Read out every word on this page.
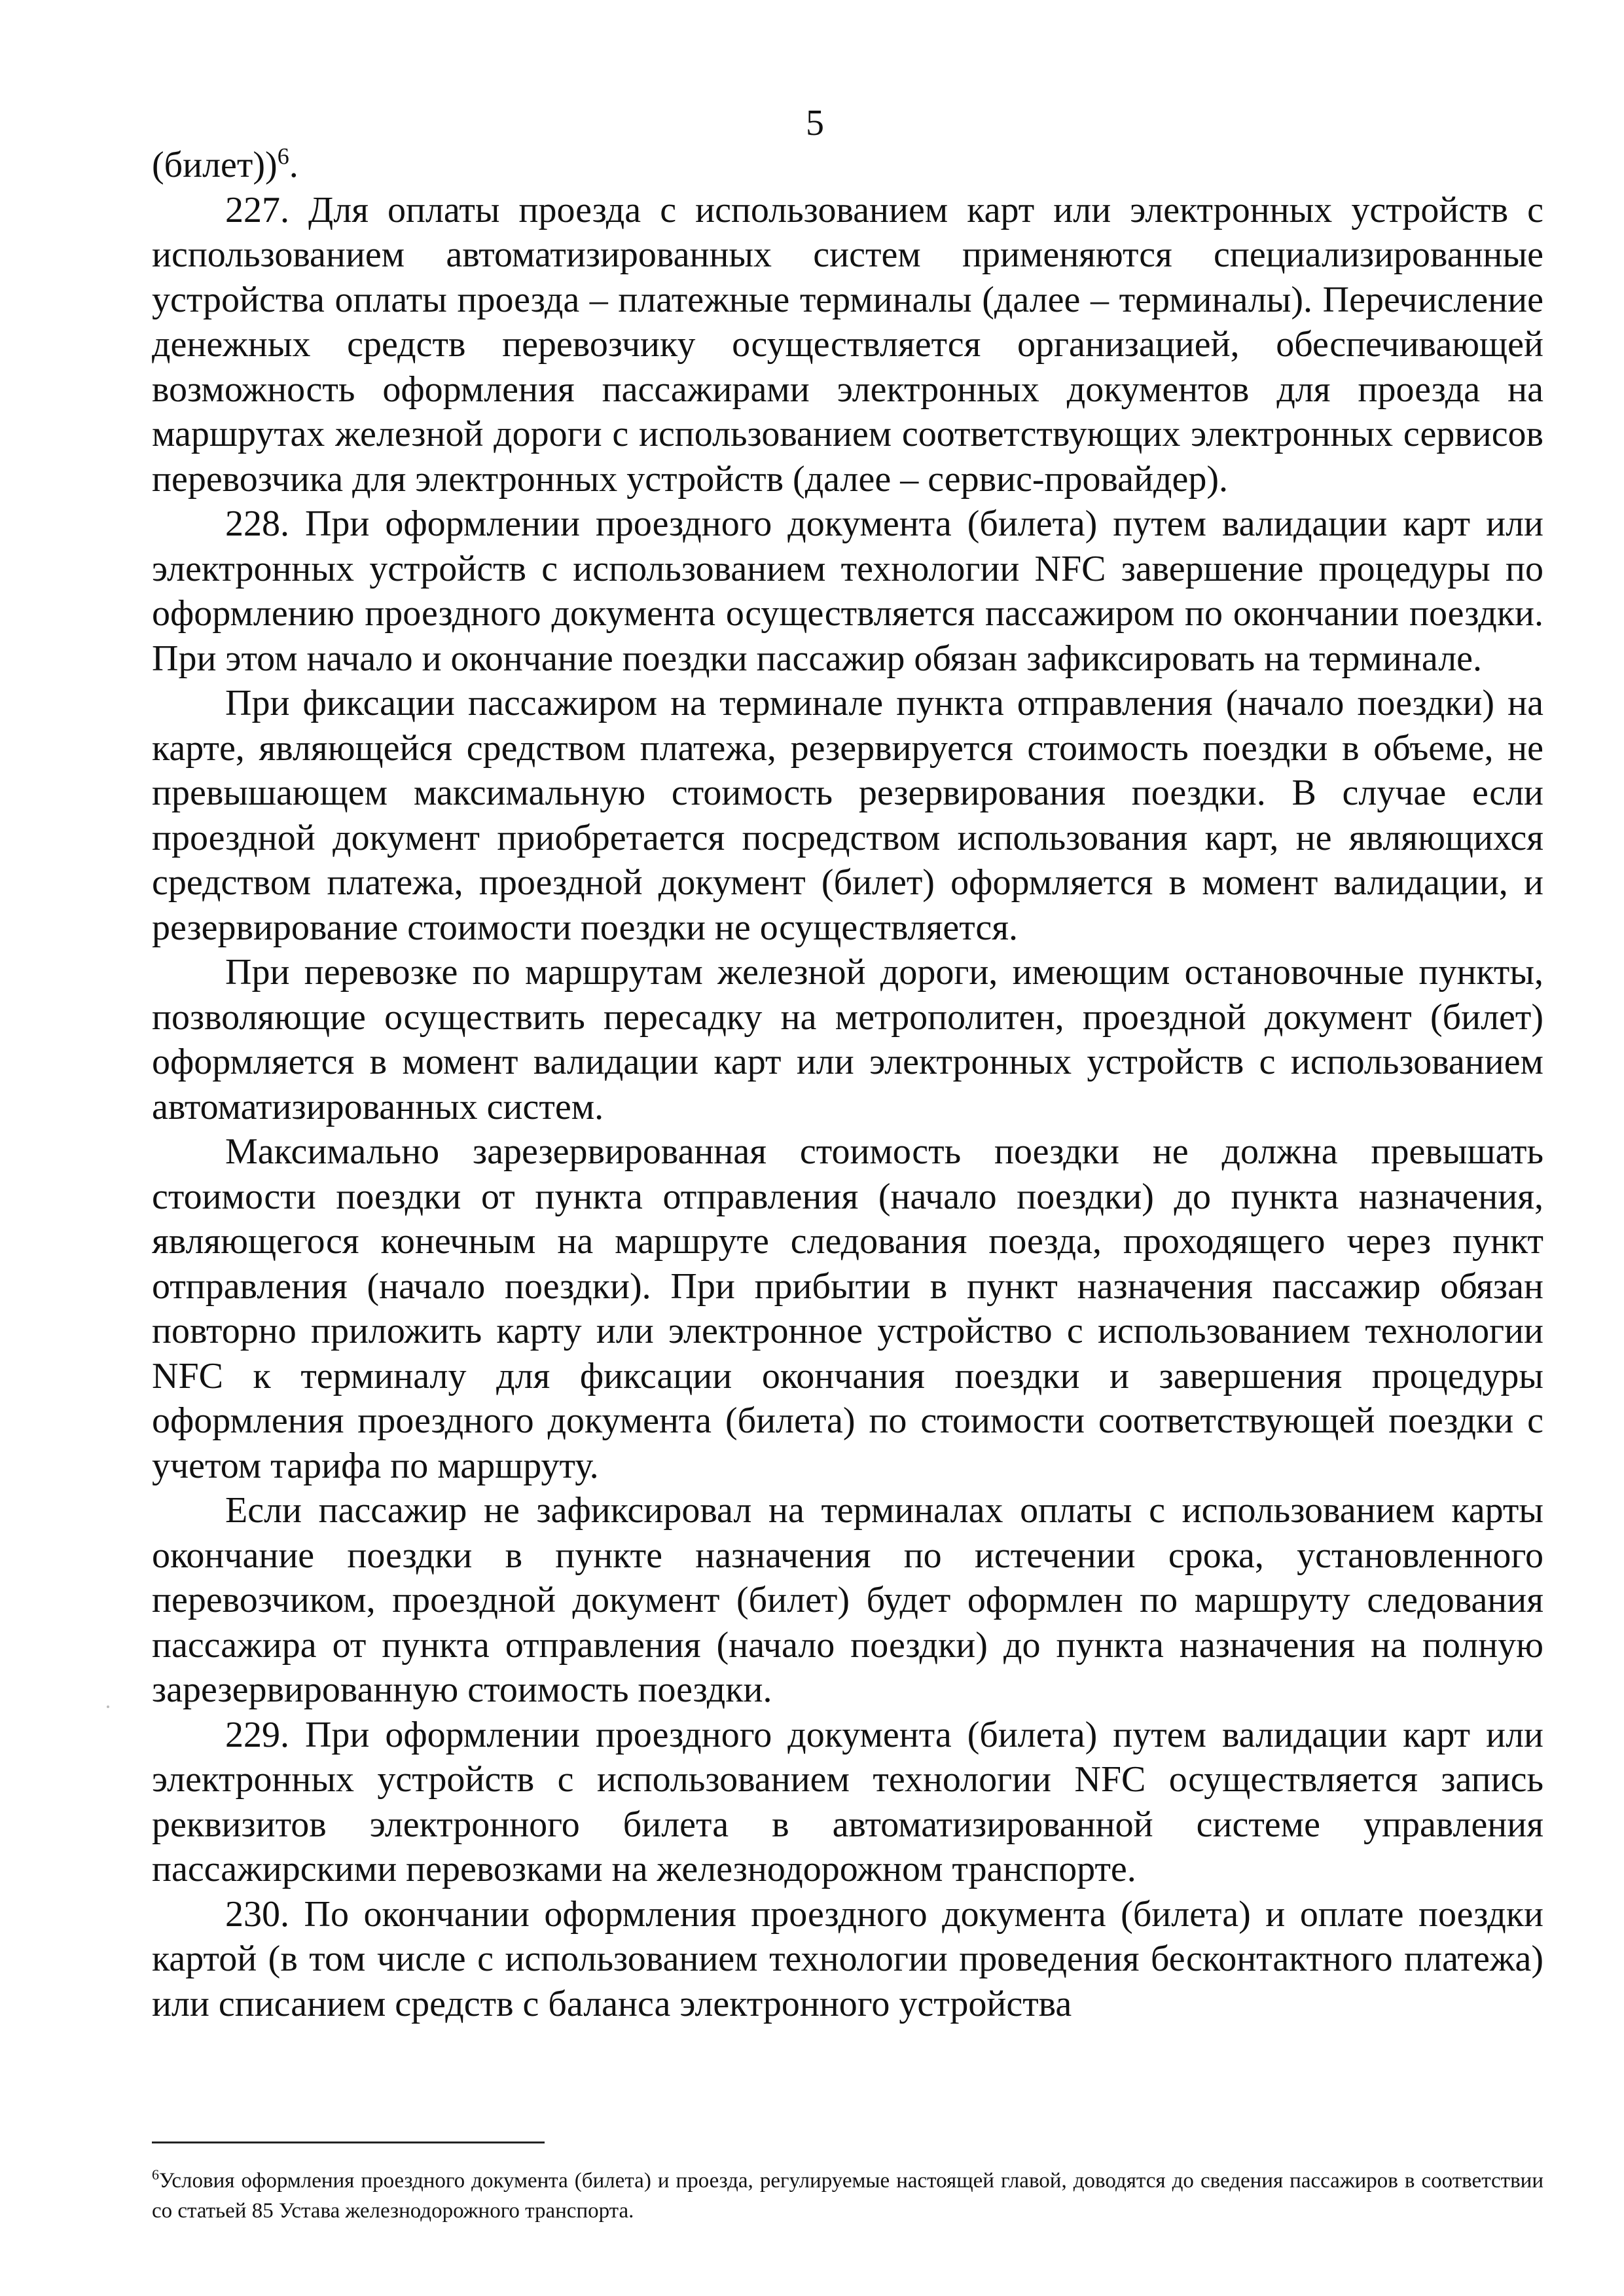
5

(билет))$^6$.

227. Для оплаты проезда с использованием карт или электронных устройств с использованием автоматизированных систем применяются специализированные устройства оплаты проезда – платежные терминалы (далее – терминалы). Перечисление денежных средств перевозчику осуществляется организацией, обеспечивающей возможность оформления пассажирами электронных документов для проезда на маршрутах железной дороги с использованием соответствующих электронных сервисов перевозчика для электронных устройств (далее – сервис-провайдер).

228. При оформлении проездного документа (билета) путем валидации карт или электронных устройств с использованием технологии NFC завершение процедуры по оформлению проездного документа осуществляется пассажиром по окончании поездки. При этом начало и окончание поездки пассажир обязан зафиксировать на терминале.

При фиксации пассажиром на терминале пункта отправления (начало поездки) на карте, являющейся средством платежа, резервируется стоимость поездки в объеме, не превышающем максимальную стоимость резервирования поездки. В случае если проездной документ приобретается посредством использования карт, не являющихся средством платежа, проездной документ (билет) оформляется в момент валидации, и резервирование стоимости поездки не осуществляется.

При перевозке по маршрутам железной дороги, имеющим остановочные пункты, позволяющие осуществить пересадку на метрополитен, проездной документ (билет) оформляется в момент валидации карт или электронных устройств с использованием автоматизированных систем.

Максимально зарезервированная стоимость поездки не должна превышать стоимости поездки от пункта отправления (начало поездки) до пункта назначения, являющегося конечным на маршруте следования поезда, проходящего через пункт отправления (начало поездки). При прибытии в пункт назначения пассажир обязан повторно приложить карту или электронное устройство с использованием технологии NFC к терминалу для фиксации окончания поездки и завершения процедуры оформления проездного документа (билета) по стоимости соответствующей поездки с учетом тарифа по маршруту.

Если пассажир не зафиксировал на терминалах оплаты с использованием карты окончание поездки в пункте назначения по истечении срока, установленного перевозчиком, проездной документ (билет) будет оформлен по маршруту следования пассажира от пункта отправления (начало поездки) до пункта назначения на полную зарезервированную стоимость поездки.

229. При оформлении проездного документа (билета) путем валидации карт или электронных устройств с использованием технологии NFC осуществляется запись реквизитов электронного билета в автоматизированной системе управления пассажирскими перевозками на железнодорожном транспорте.

230. По окончании оформления проездного документа (билета) и оплате поездки картой (в том числе с использованием технологии проведения бесконтактного платежа) или списанием средств с баланса электронного устройства

$^6$Условия оформления проездного документа (билета) и проезда, регулируемые настоящей главой, доводятся до сведения пассажиров в соответствии со статьей 85 Устава железнодорожного транспорта.
